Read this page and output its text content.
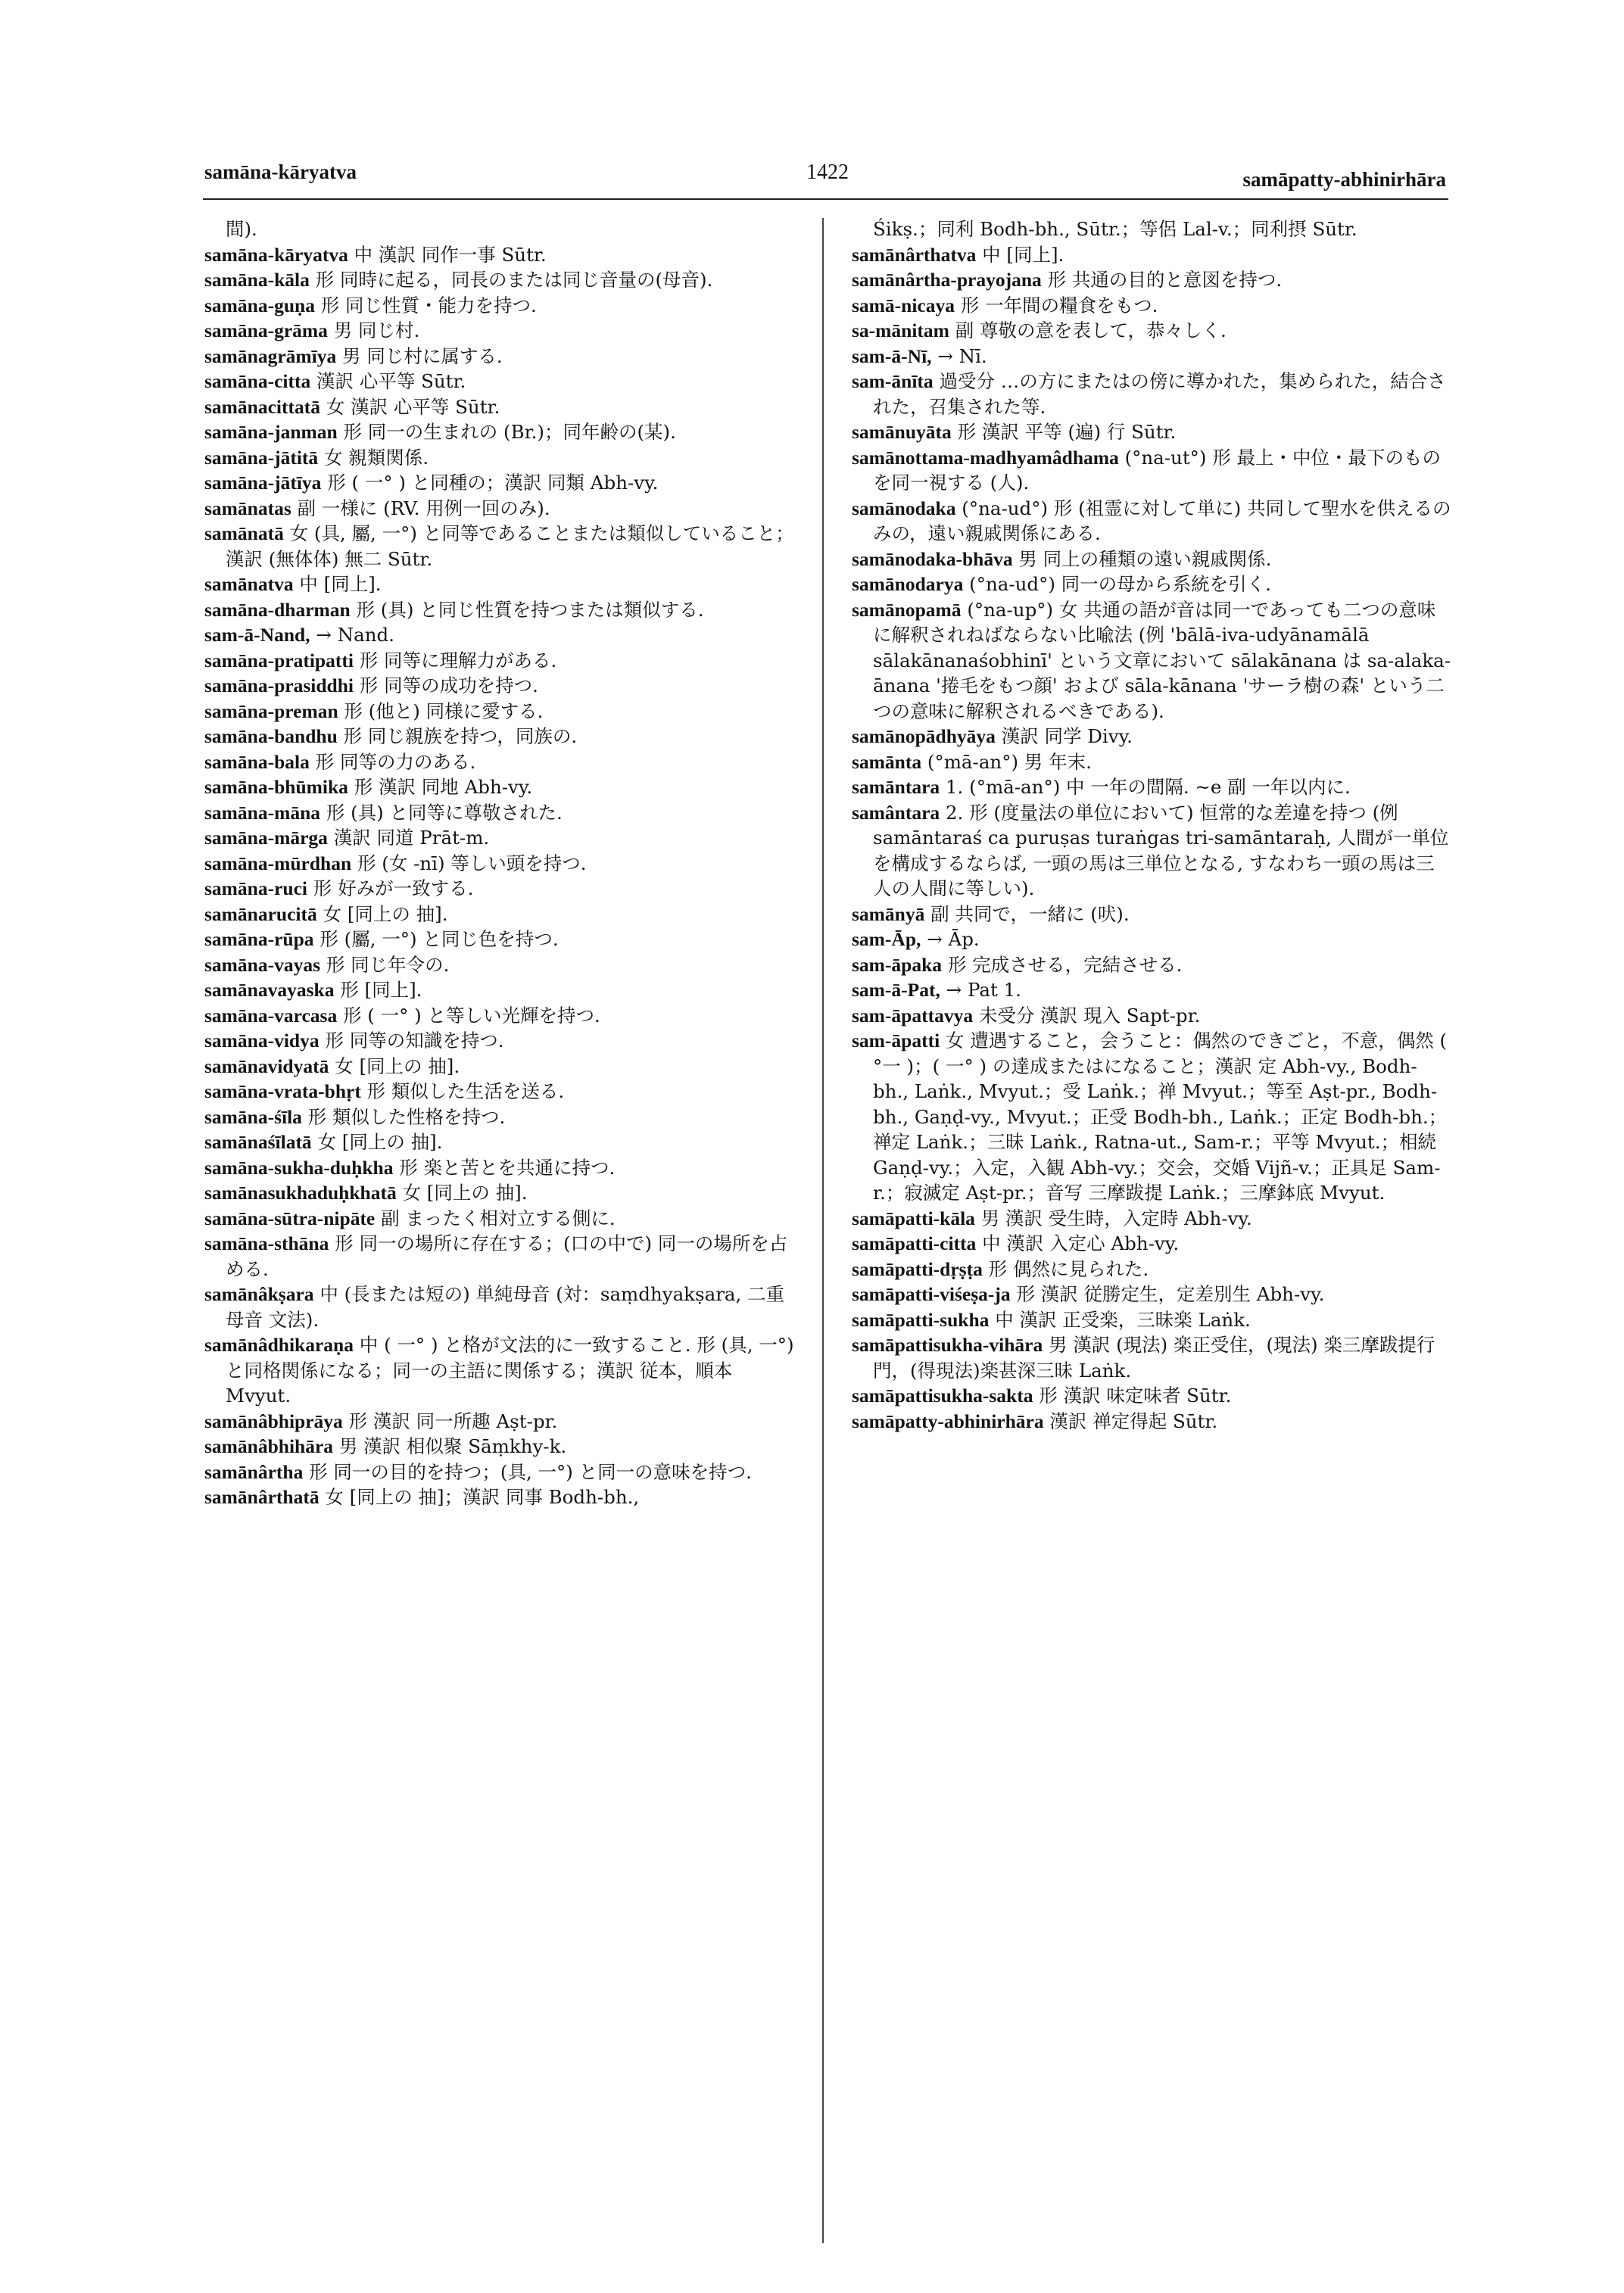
samāna-kāryatva	1422	samāpatty-abhinirhāra

間).

samāna-kāryatva 中 漢訳 同作一事 Sūtr.

samāna-kāla 形 同時に起る，同長のまたは同じ音量の(母音).

samāna-guṇa 形 同じ性質・能力を持つ.

samāna-grāma 男 同じ村.

samānagrāmīya 男 同じ村に属する.

samāna-citta 漢訳 心平等 Sūtr.

samānacittatā 女 漢訳 心平等 Sūtr.

samāna-janman 形 同一の生まれの (Br.)；同年齢の(某).

samāna-jātitā 女 親類関係.

samāna-jātīya 形 ( 一° ) と同種の；漢訳 同類 Abh-vy.

samānatas 副 一様に (RV. 用例一回のみ).

samānatā 女 (具, 屬, 一°) と同等であることまたは類似していること；漢訳 (無体体) 無二 Sūtr.

samānatva 中 [同上].

samāna-dharman 形 (具) と同じ性質を持つまたは類似する.

sam-ā-Nand, → Nand.

samāna-pratipatti 形 同等に理解力がある.

samāna-prasiddhi 形 同等の成功を持つ.

samāna-preman 形 (他と) 同様に愛する.

samāna-bandhu 形 同じ親族を持つ，同族の.

samāna-bala 形 同等の力のある.

samāna-bhūmika 形 漢訳 同地 Abh-vy.

samāna-māna 形 (具) と同等に尊敬された.

samāna-mārga 漢訳 同道 Prāt-m.

samāna-mūrdhan 形 (女 -nī) 等しい頭を持つ.

samāna-ruci 形 好みが一致する.

samānarucitā 女 [同上の 抽].

samāna-rūpa 形 (屬, 一°) と同じ色を持つ.

samāna-vayas 形 同じ年令の.

samānavayaska 形 [同上].

samāna-varcasa 形 ( 一° ) と等しい光輝を持つ.

samāna-vidya 形 同等の知識を持つ.

samānavidyatā 女 [同上の 抽].

samāna-vrata-bhṛt 形 類似した生活を送る.

samāna-śīla 形 類似した性格を持つ.

samānaśīlatā 女 [同上の 抽].

samāna-sukha-duḥkha 形 楽と苦とを共通に持つ.

samānasukhaduḥkhatā 女 [同上の 抽].

samāna-sūtra-nipāte 副 まったく相対立する側に.

samāna-sthāna 形 同一の場所に存在する；(口の中で) 同一の場所を占める.

samānâkṣara 中 (長または短の) 単純母音 (対：saṃdhyakṣara, 二重母音 文法).

samānâdhikaraṇa 中 ( 一° ) と格が文法的に一致すること. 形 (具, 一°) と同格関係になる；同一の主語に関係する；漢訳 従本，順本 Mvyut.

samānâbhiprāya 形 漢訳 同一所趣 Aṣt-pr.

samānâbhihāra 男 漢訳 相似聚 Sāṃkhy-k.

samānârtha 形 同一の目的を持つ；(具, 一°) と同一の意味を持つ.

samānârthatā 女 [同上の 抽]；漢訳 同事 Bodh-bh.,

Śikṣ.；同利 Bodh-bh., Sūtr.；等侶 Lal-v.；同利摂 Sūtr.

samānârthatva 中 [同上].

samānârtha-prayojana 形 共通の目的と意図を持つ.

samā-nicaya 形 一年間の糧食をもつ.

sa-mānitam 副 尊敬の意を表して，恭々しく.

sam-ā-Nī, → Nī.

sam-ānīta 過受分 …の方にまたはの傍に導かれた，集められた，結合された，召集された等.

samānuyāta 形 漢訳 平等 (遍) 行 Sūtr.

samānottama-madhyamâdhama (°na-ut°) 形 最上・中位・最下のものを同一視する (人).

samānodaka (°na-ud°) 形 (祖霊に対して単に) 共同して聖水を供えるのみの，遠い親戚関係にある.

samānodaka-bhāva 男 同上の種類の遠い親戚関係.

samānodarya (°na-ud°) 同一の母から系統を引く.

samānopamā (°na-up°) 女 共通の語が音は同一であっても二つの意味に解釈されねばならない比喩法 (例 'bālā-iva-udyānamālā sālakānanaśobhinī' という文章において sālakānana は sa-alaka-ānana '捲毛をもつ顔' および sāla-kānana 'サーラ樹の森' という二つの意味に解釈されるべきである).

samānopādhyāya 漢訳 同学 Divy.

samānta (°mā-an°) 男 年末.

samāntara 1. (°mā-an°) 中 一年の間隔. ~e 副 一年以内に.

samântara 2. 形 (度量法の単位において) 恒常的な差違を持つ (例 samāntaraś ca puruṣas turaṅgas tri-samāntaraḥ, 人間が一単位を構成するならば, 一頭の馬は三単位となる, すなわち一頭の馬は三人の人間に等しい).

samānyā 副 共同で，一緒に (吠).

sam-Āp, → Āp.

sam-āpaka 形 完成させる，完結させる.

sam-ā-Pat, → Pat 1.

sam-āpattavya 未受分 漢訳 現入 Sapt-pr.

sam-āpatti 女 遭遇すること，会うこと：偶然のできごと，不意，偶然 ( °一 )；( 一° ) の達成またはになること；漢訳 定 Abh-vy., Bodh-bh., Laṅk., Mvyut.；受 Laṅk.；禅 Mvyut.；等至 Aṣt-pr., Bodh-bh., Gaṇḍ-vy., Mvyut.；正受 Bodh-bh., Laṅk.；正定 Bodh-bh.；禅定 Laṅk.；三昧 Laṅk., Ratna-ut., Sam-r.；平等 Mvyut.；相続 Gaṇḍ-vy.；入定，入観 Abh-vy.；交会，交婚 Vijñ-v.；正具足 Sam-r.；寂滅定 Aṣt-pr.；音写 三摩跋提 Laṅk.；三摩鉢底 Mvyut.

samāpatti-kāla 男 漢訳 受生時，入定時 Abh-vy.

samāpatti-citta 中 漢訳 入定心 Abh-vy.

samāpatti-dṛṣṭa 形 偶然に見られた.

samāpatti-viśeṣa-ja 形 漢訳 従勝定生，定差別生 Abh-vy.

samāpatti-sukha 中 漢訳 正受楽，三昧楽 Laṅk.

samāpattisukha-vihāra 男 漢訳 (現法) 楽正受住，(現法) 楽三摩跋提行門，(得現法)楽甚深三昧 Laṅk.

samāpattisukha-sakta 形 漢訳 味定味者 Sūtr.

samāpatty-abhinirhāra 漢訳 禅定得起 Sūtr.
